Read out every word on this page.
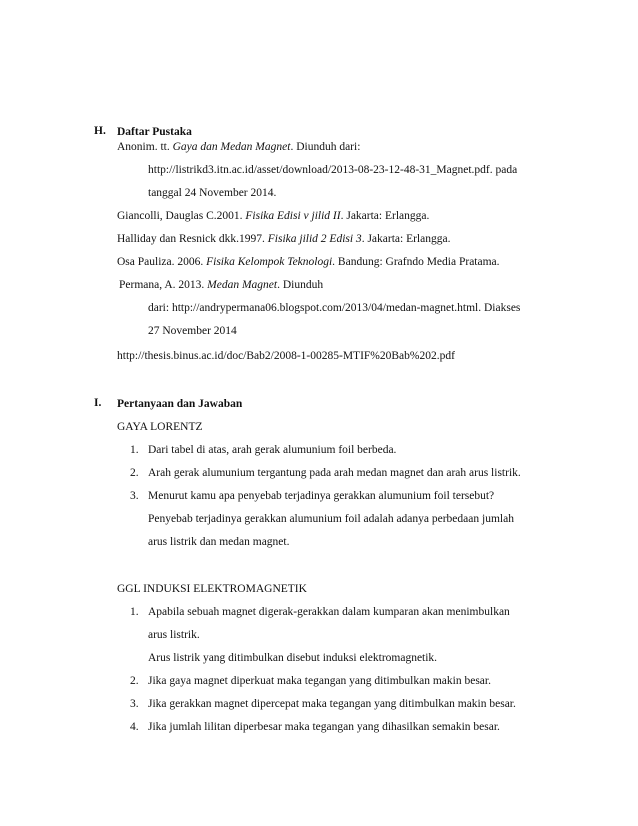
H. Daftar Pustaka
Anonim. tt. Gaya dan Medan Magnet. Diunduh dari:
http://listrikd3.itn.ac.id/asset/download/2013-08-23-12-48-31_Magnet.pdf. pada
tanggal 24 November 2014.
Giancolli, Dauglas C.2001. Fisika Edisi v jilid II. Jakarta: Erlangga.
Halliday dan Resnick dkk.1997. Fisika jilid 2 Edisi 3. Jakarta: Erlangga.
Osa Pauliza. 2006. Fisika Kelompok Teknologi. Bandung: Grafndo Media Pratama.
Permana, A. 2013. Medan Magnet. Diunduh
dari: http://andrypermana06.blogspot.com/2013/04/medan-magnet.html. Diakses
27 November 2014
http://thesis.binus.ac.id/doc/Bab2/2008-1-00285-MTIF%20Bab%202.pdf
I. Pertanyaan dan Jawaban
GAYA LORENTZ
1. Dari tabel di atas, arah gerak alumunium foil berbeda.
2. Arah gerak alumunium tergantung pada arah medan magnet dan arah arus listrik.
3. Menurut kamu apa penyebab terjadinya gerakkan alumunium foil tersebut?
Penyebab terjadinya gerakkan alumunium foil adalah adanya perbedaan jumlah
arus listrik dan medan magnet.
GGL INDUKSI ELEKTROMAGNETIK
1. Apabila sebuah magnet digerak-gerakkan dalam kumparan akan menimbulkan
arus listrik.
Arus listrik yang ditimbulkan disebut induksi elektromagnetik.
2. Jika gaya magnet diperkuat maka tegangan yang ditimbulkan makin besar.
3. Jika gerakkan magnet dipercepat maka tegangan yang ditimbulkan makin besar.
4. Jika jumlah lilitan diperbesar maka tegangan yang dihasilkan semakin besar.
